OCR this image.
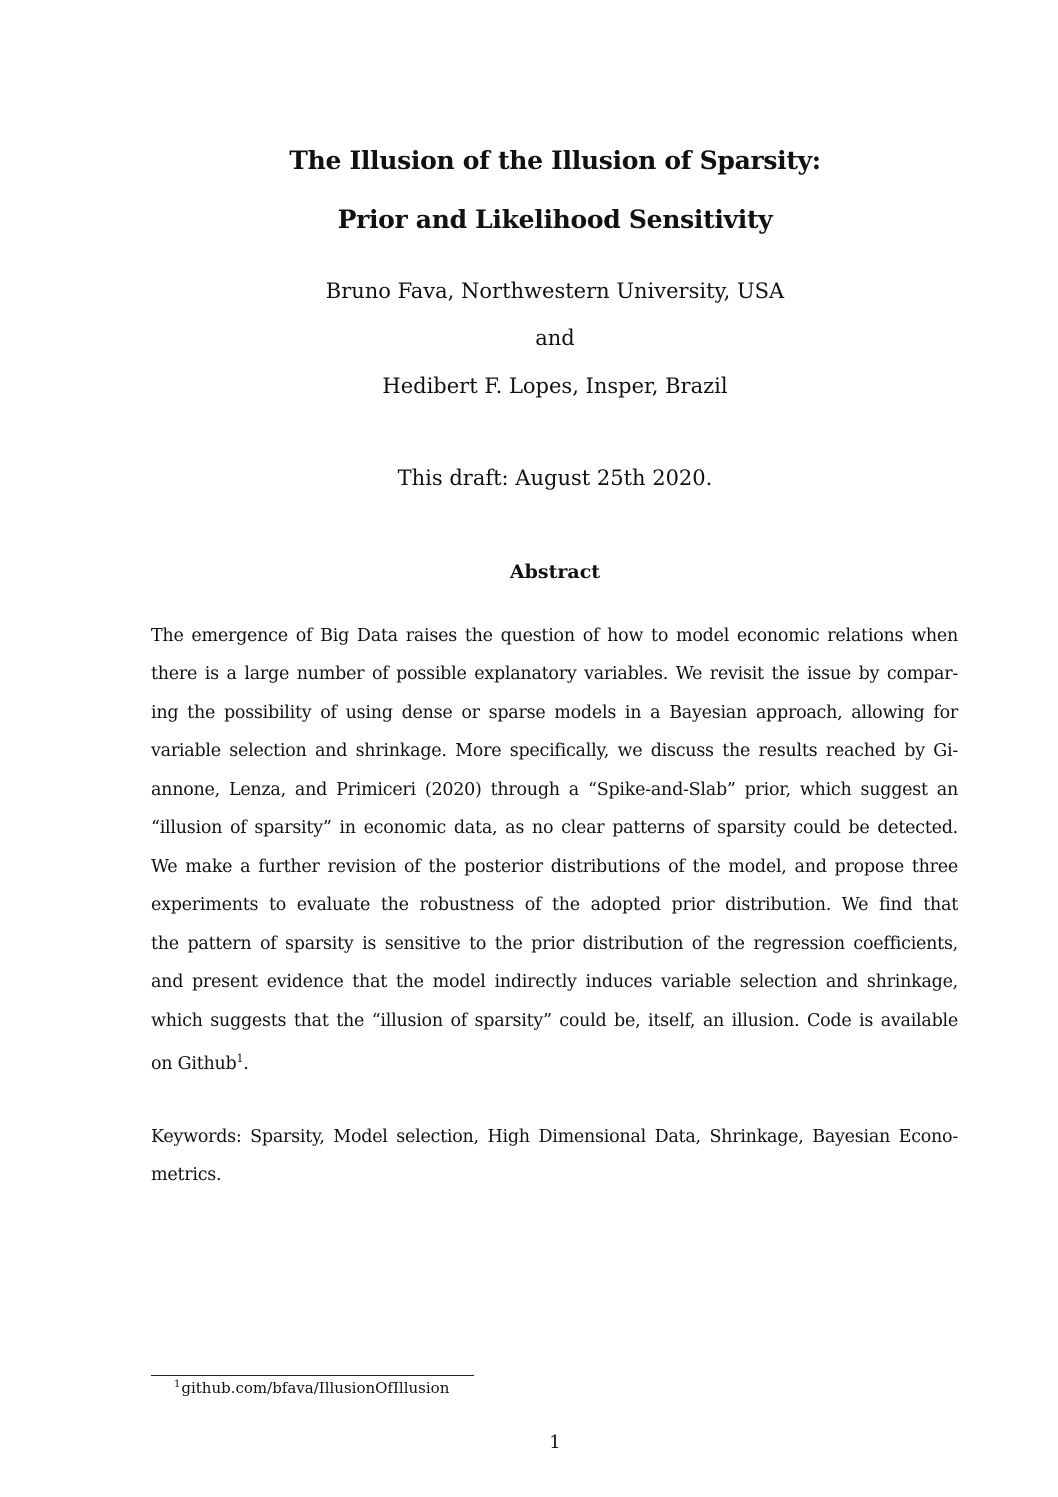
The Illusion of the Illusion of Sparsity:
Prior and Likelihood Sensitivity
Bruno Fava, Northwestern University, USA
and
Hedibert F. Lopes, Insper, Brazil
This draft: August 25th 2020.
Abstract
The emergence of Big Data raises the question of how to model economic relations when
there is a large number of possible explanatory variables. We revisit the issue by compar-
ing the possibility of using dense or sparse models in a Bayesian approach, allowing for
variable selection and shrinkage. More specifically, we discuss the results reached by Gi-
annone, Lenza, and Primiceri (2020) through a “Spike-and-Slab” prior, which suggest an
“illusion of sparsity” in economic data, as no clear patterns of sparsity could be detected.
We make a further revision of the posterior distributions of the model, and propose three
experiments to evaluate the robustness of the adopted prior distribution. We find that
the pattern of sparsity is sensitive to the prior distribution of the regression coefficients,
and present evidence that the model indirectly induces variable selection and shrinkage,
which suggests that the “illusion of sparsity” could be, itself, an illusion. Code is available
on Github$^1$.
Keywords: Sparsity, Model selection, High Dimensional Data, Shrinkage, Bayesian Econo-
metrics.
$^1$github.com/bfava/IllusionOfIllusion
1
